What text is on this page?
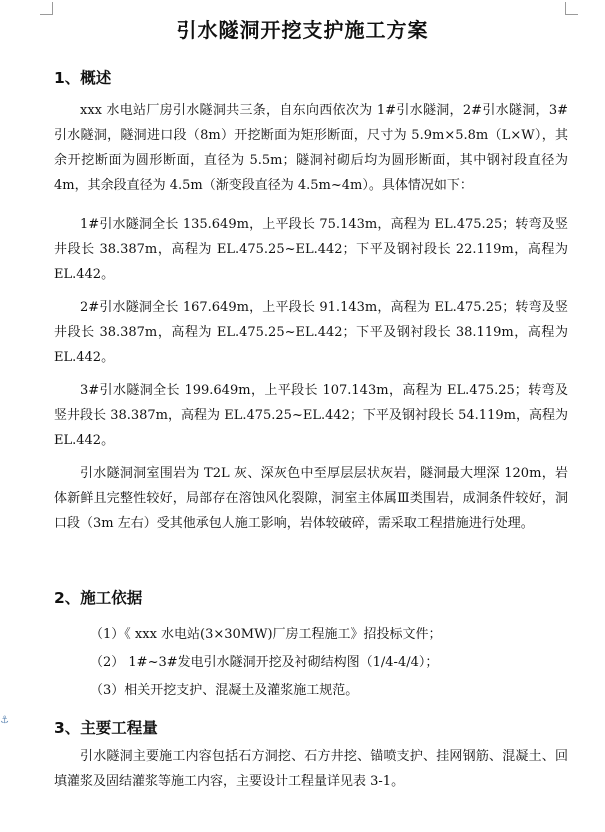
⚓
引水隧洞开挖支护施工方案
1、概述

xxx 水电站厂房引水隧洞共三条，自东向西依次为 1#引水隧洞，2#引水隧洞，3#引水隧洞，隧洞进口段（8m）开挖断面为矩形断面，尺寸为 5.9m×5.8m（L×W），其余开挖断面为圆形断面，直径为 5.5m；隧洞衬砌后均为圆形断面，其中钢衬段直径为 4m，其余段直径为 4.5m（渐变段直径为 4.5m~4m）。具体情况如下：

1#引水隧洞全长 135.649m，上平段长 75.143m，高程为 EL.475.25；转弯及竖井段长 38.387m，高程为 EL.475.25~EL.442；下平及钢衬段长 22.119m，高程为 EL.442。

2#引水隧洞全长 167.649m，上平段长 91.143m，高程为 EL.475.25；转弯及竖井段长 38.387m，高程为 EL.475.25~EL.442；下平及钢衬段长 38.119m，高程为 EL.442。

3#引水隧洞全长 199.649m，上平段长 107.143m，高程为 EL.475.25；转弯及竖井段长 38.387m，高程为 EL.475.25~EL.442；下平及钢衬段长 54.119m，高程为 EL.442。

引水隧洞洞室围岩为 T2L 灰、深灰色中至厚层层状灰岩，隧洞最大埋深 120m，岩体新鲜且完整性较好，局部存在溶蚀风化裂隙，洞室主体属Ⅲ类围岩，成洞条件较好，洞口段（3m 左右）受其他承包人施工影响，岩体较破碎，需采取工程措施进行处理。

2、施工依据

（1）《 xxx 水电站(3×30MW)厂房工程施工》招投标文件；

（2） 1#~3#发电引水隧洞开挖及衬砌结构图（1/4-4/4）；

（3）相关开挖支护、混凝土及灌浆施工规范。

3、主要工程量

引水隧洞主要施工内容包括石方洞挖、石方井挖、锚喷支护、挂网钢筋、混凝土、回填灌浆及固结灌浆等施工内容，主要设计工程量详见表 3-1。
